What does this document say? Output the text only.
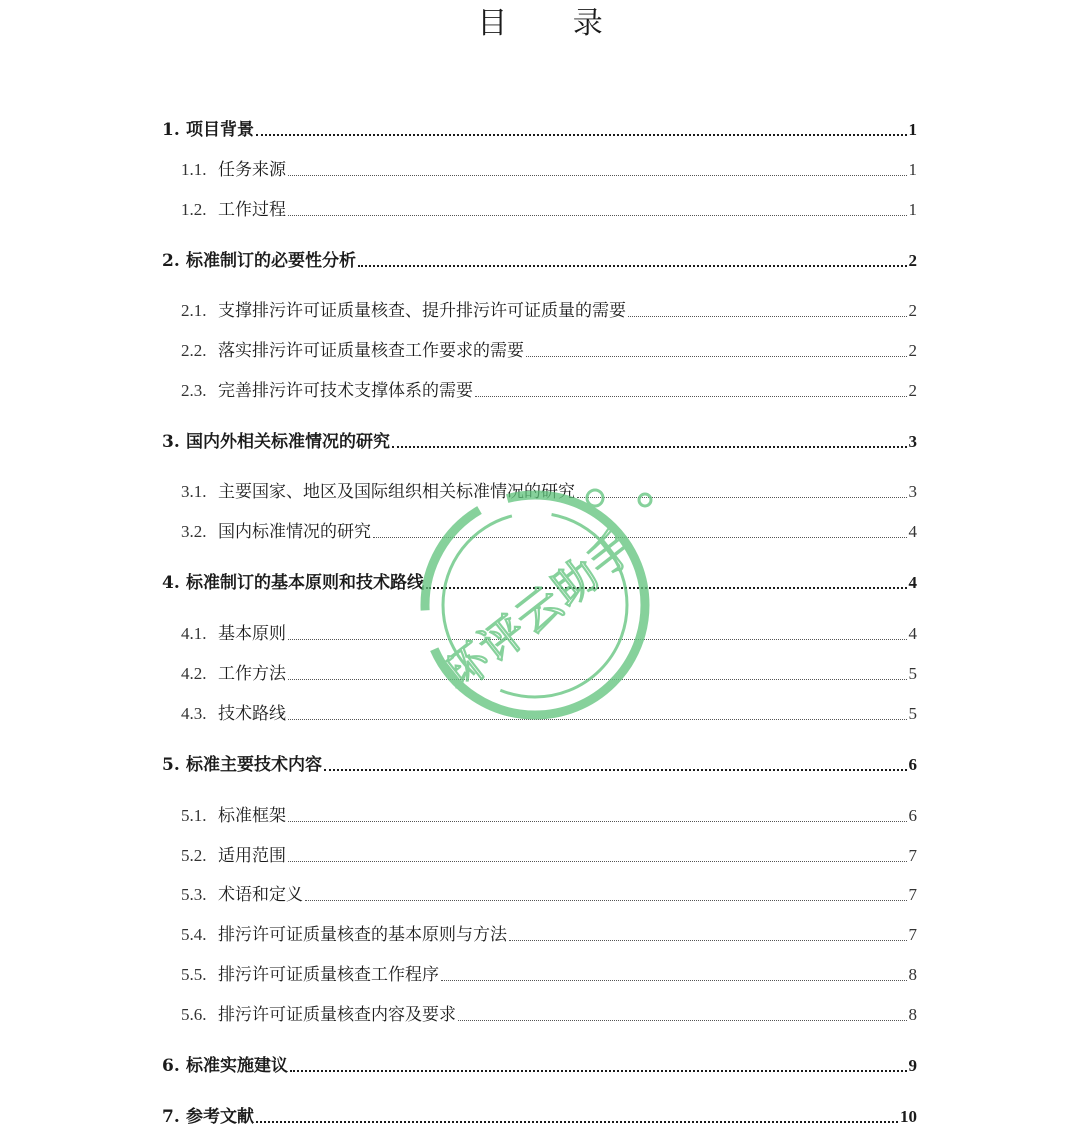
目 录
1. 项目背景	1
1.1. 任务来源	1
1.2. 工作过程	1
2. 标准制订的必要性分析	2
2.1. 支撑排污许可证质量核查、提升排污许可证质量的需要	2
2.2. 落实排污许可证质量核查工作要求的需要	2
2.3. 完善排污许可技术支撑体系的需要	2
3. 国内外相关标准情况的研究	3
3.1. 主要国家、地区及国际组织相关标准情况的研究	3
3.2. 国内标准情况的研究	4
4. 标准制订的基本原则和技术路线	4
4.1. 基本原则	4
4.2. 工作方法	5
4.3. 技术路线	5
5. 标准主要技术内容	6
5.1. 标准框架	6
5.2. 适用范围	7
5.3. 术语和定义	7
5.4. 排污许可证质量核查的基本原则与方法	7
5.5. 排污许可证质量核查工作程序	8
5.6. 排污许可证质量核查内容及要求	8
6. 标准实施建议	9
7. 参考文献	10
环评云助手
